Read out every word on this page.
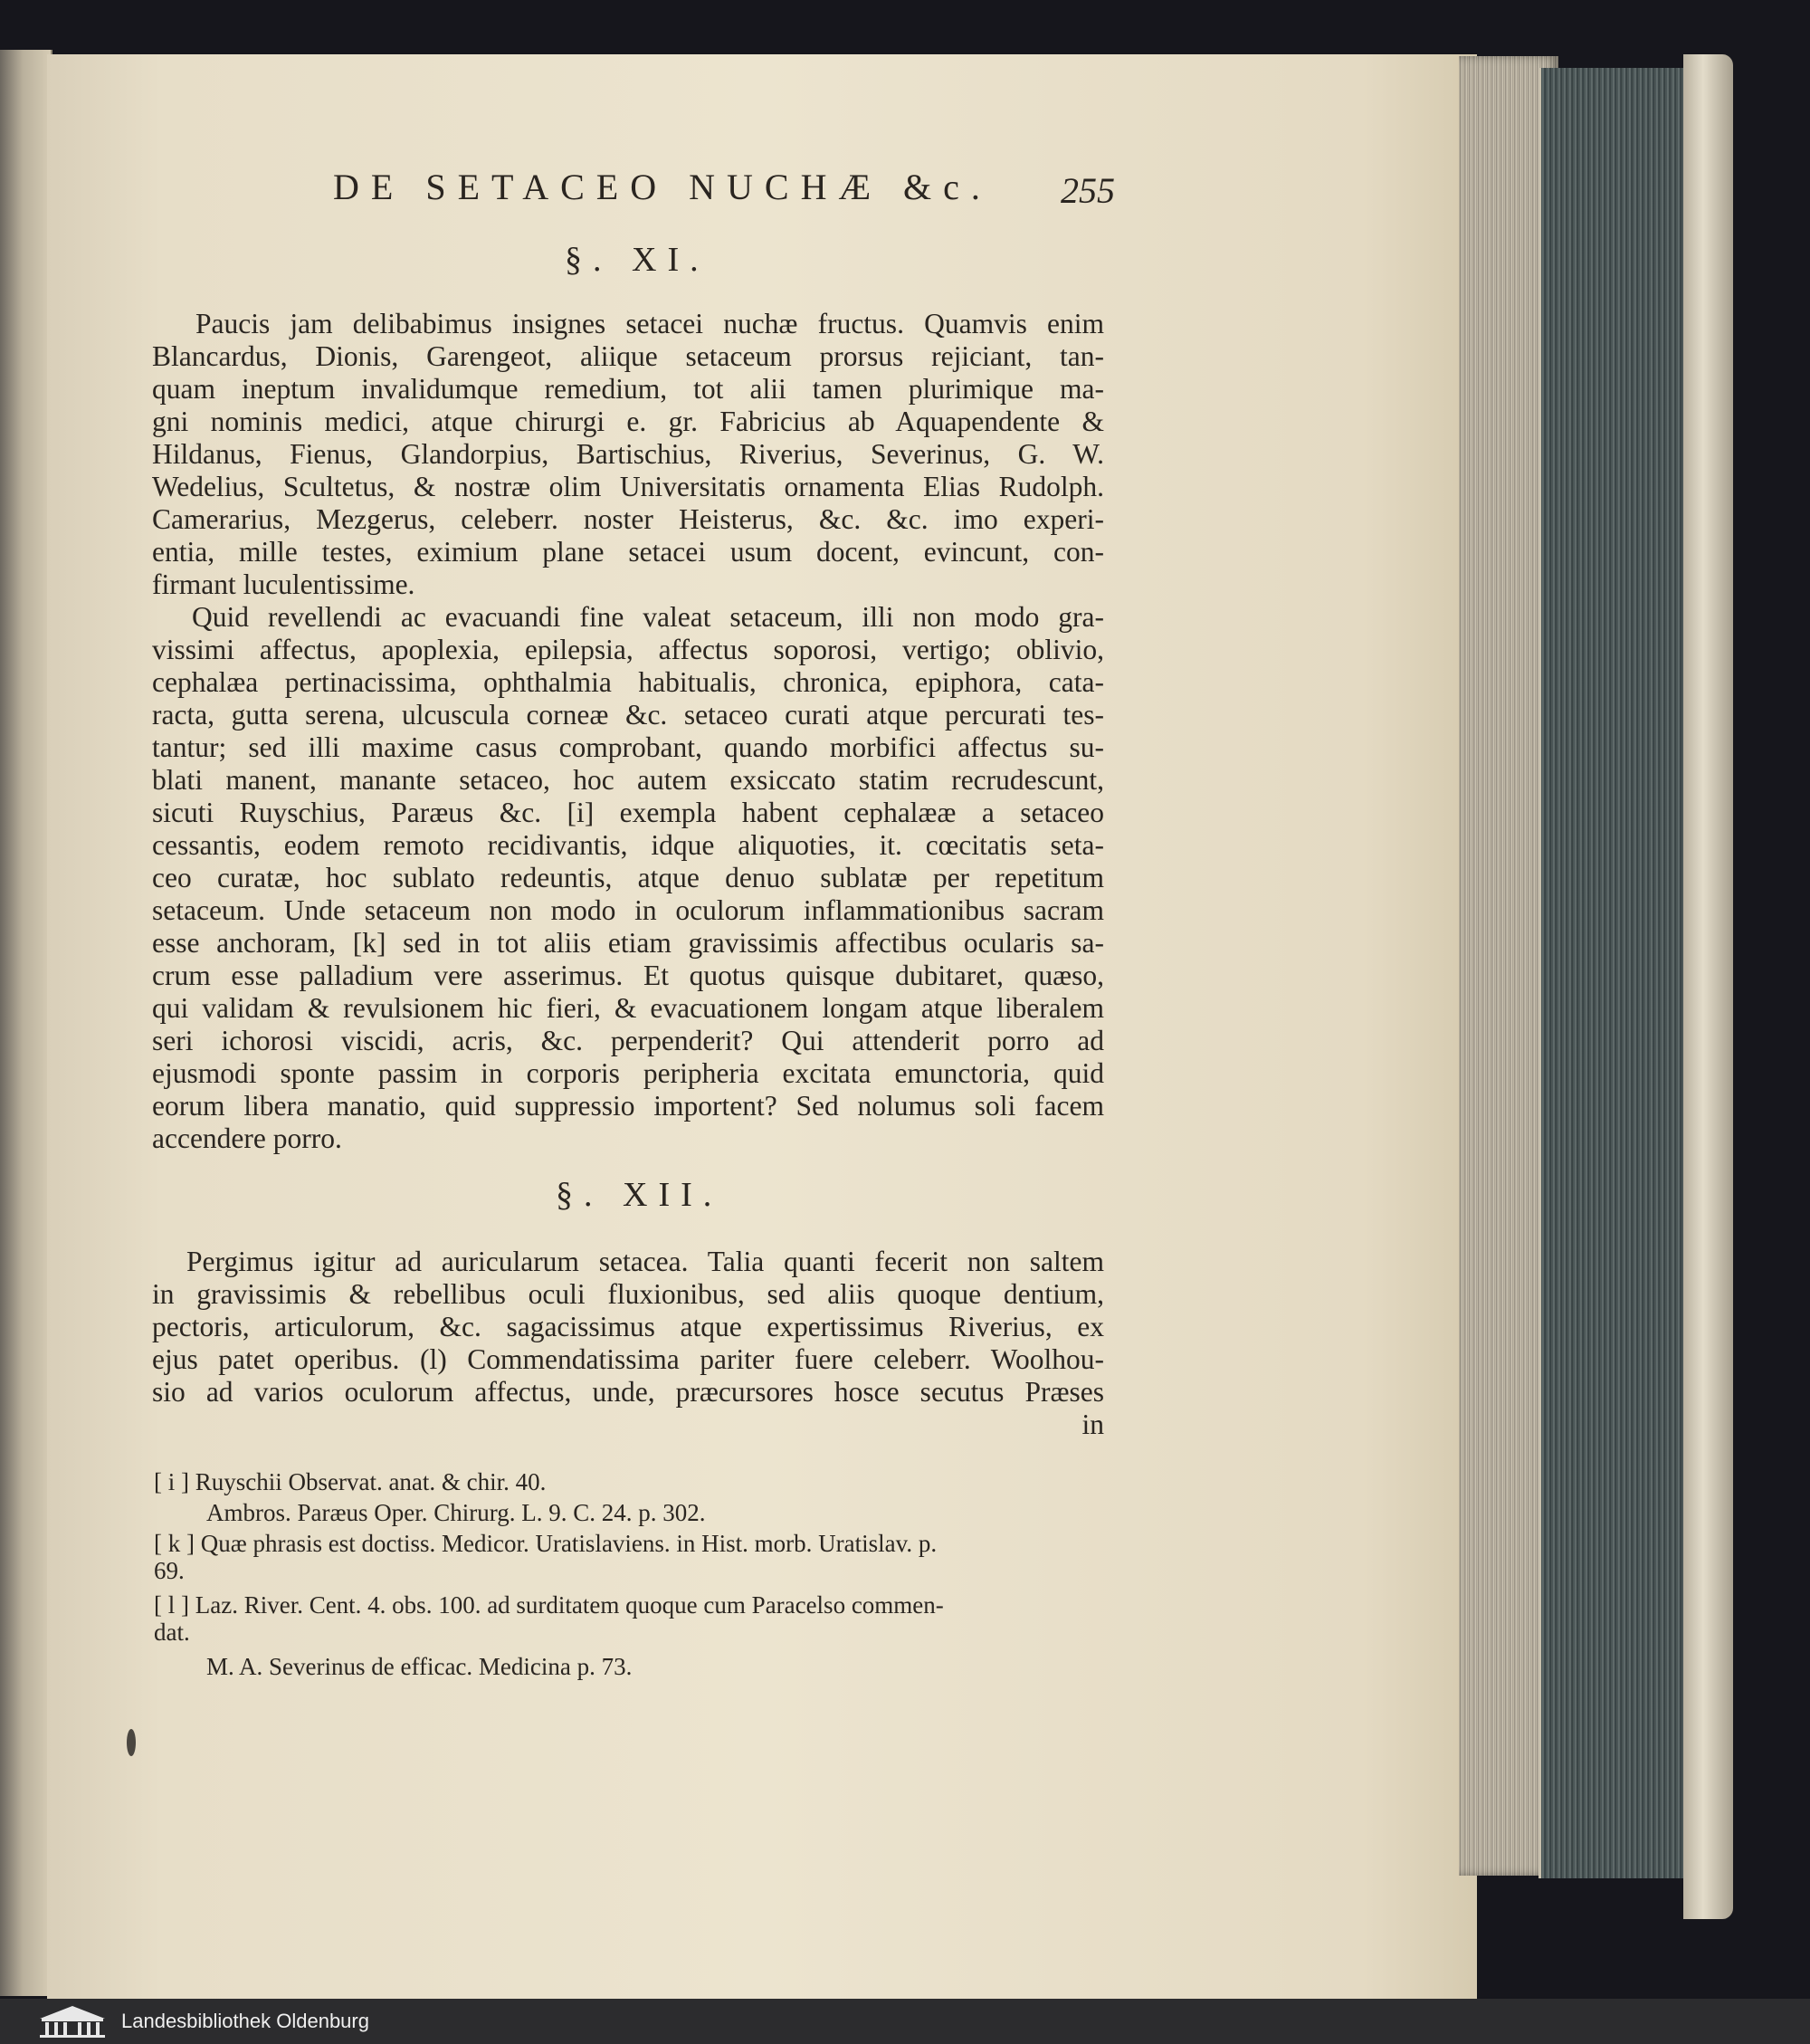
DE SETACEO NUCHÆ &c. 255
§. XI.
Paucis jam delibabimus insignes setacei nuchæ fructus. Quamvis enim
Blancardus, Dionis, Garengeot, aliique setaceum prorsus rejiciant, tan-
quam ineptum invalidumque remedium, tot alii tamen plurimique ma-
gni nominis medici, atque chirurgi e. gr. Fabricius ab Aquapendente &
Hildanus, Fienus, Glandorpius, Bartischius, Riverius, Severinus, G. W.
Wedelius, Scultetus, & nostræ olim Universitatis ornamenta Elias Rudolph.
Camerarius, Mezgerus, celeberr. noster Heisterus, &c. &c. imo experi-
entia, mille testes, eximium plane setacei usum docent, evincunt, con-
firmant luculentissime.
Quid revellendi ac evacuandi fine valeat setaceum, illi non modo gra-
vissimi affectus, apoplexia, epilepsia, affectus soporosi, vertigo; oblivio,
cephalæa pertinacissima, ophthalmia habitualis, chronica, epiphora, cata-
racta, gutta serena, ulcuscula corneæ &c. setaceo curati atque percurati tes-
tantur; sed illi maxime casus comprobant, quando morbifici affectus su-
blati manent, manante setaceo, hoc autem exsiccato statim recrudescunt,
sicuti Ruyschius, Paræus &c. [i] exempla habent cephalææ a setaceo
cessantis, eodem remoto recidivantis, idque aliquoties, it. cœcitatis seta-
ceo curatæ, hoc sublato redeuntis, atque denuo sublatæ per repetitum
setaceum. Unde setaceum non modo in oculorum inflammationibus sacram
esse anchoram, [k] sed in tot aliis etiam gravissimis affectibus ocularis sa-
crum esse palladium vere asserimus. Et quotus quisque dubitaret, quæso,
qui validam & revulsionem hic fieri, & evacuationem longam atque liberalem
seri ichorosi viscidi, acris, &c. perpenderit? Qui attenderit porro ad
ejusmodi sponte passim in corporis peripheria excitata emunctoria, quid
eorum libera manatio, quid suppressio importent? Sed nolumus soli facem
accendere porro.
§. XII.
Pergimus igitur ad auricularum setacea. Talia quanti fecerit non saltem
in gravissimis & rebellibus oculi fluxionibus, sed aliis quoque dentium,
pectoris, articulorum, &c. sagacissimus atque expertissimus Riverius, ex
ejus patet operibus. (l) Commendatissima pariter fuere celeberr. Woolhou-
sio ad varios oculorum affectus, unde, præcursores hosce secutus Præses
in
[ i ] Ruyschii Observat. anat. & chir. 40.
Ambros. Paræus Oper. Chirurg. L. 9. C. 24. p. 302.
[ k ] Quæ phrasis est doctiss. Medicor. Uratislaviens. in Hist. morb. Uratislav. p.
69.
[ l ] Laz. River. Cent. 4. obs. 100. ad surditatem quoque cum Paracelso commen-
dat.
M. A. Severinus de efficac. Medicina p. 73.
Landesbibliothek Oldenburg
